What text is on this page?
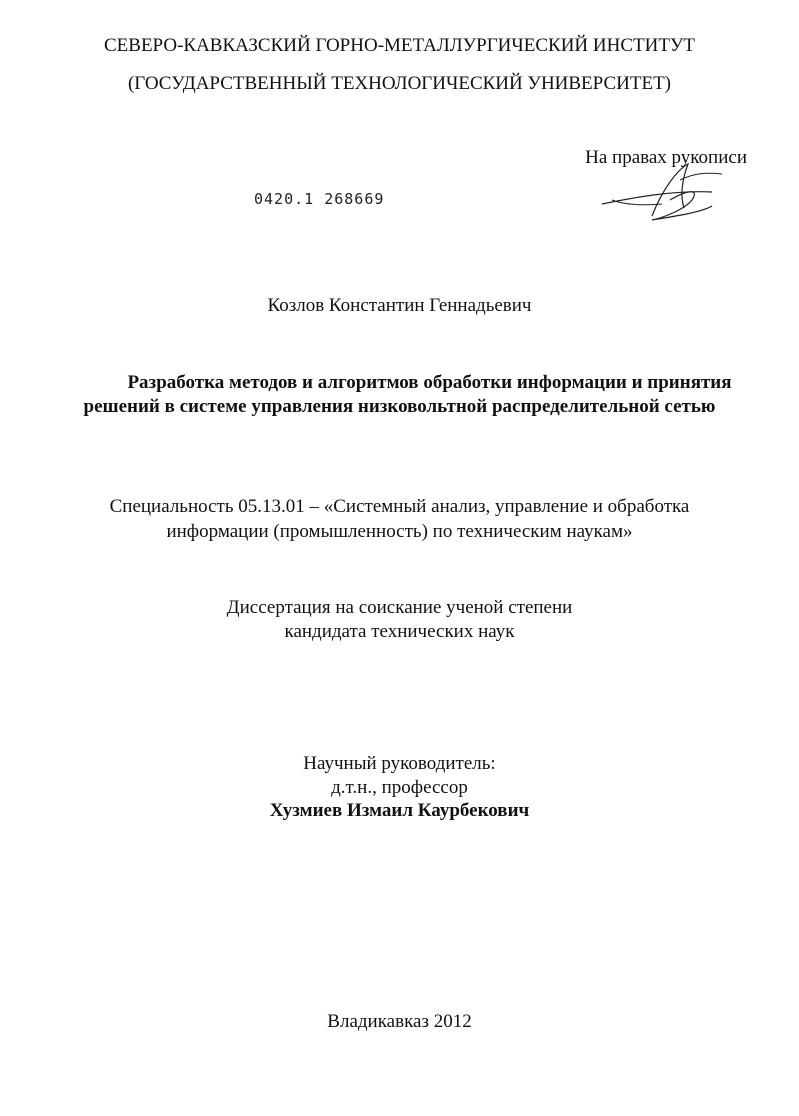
СЕВЕРО-КАВКАЗСКИЙ ГОРНО-МЕТАЛЛУРГИЧЕСКИЙ ИНСТИТУТ
(ГОСУДАРСТВЕННЫЙ ТЕХНОЛОГИЧЕСКИЙ УНИВЕРСИТЕТ)
На правах рукописи
0420.1 268669
Козлов Константин Геннадьевич
Разработка методов и алгоритмов обработки информации и принятия
решений в системе управления низковольтной распределительной сетью
Специальность 05.13.01 – «Системный анализ, управление и обработка
информации (промышленность) по техническим наукам»
Диссертация на соискание ученой степени
кандидата технических наук
Научный руководитель:
д.т.н., профессор
Хузмиев Измаил Каурбекович
Владикавказ 2012
